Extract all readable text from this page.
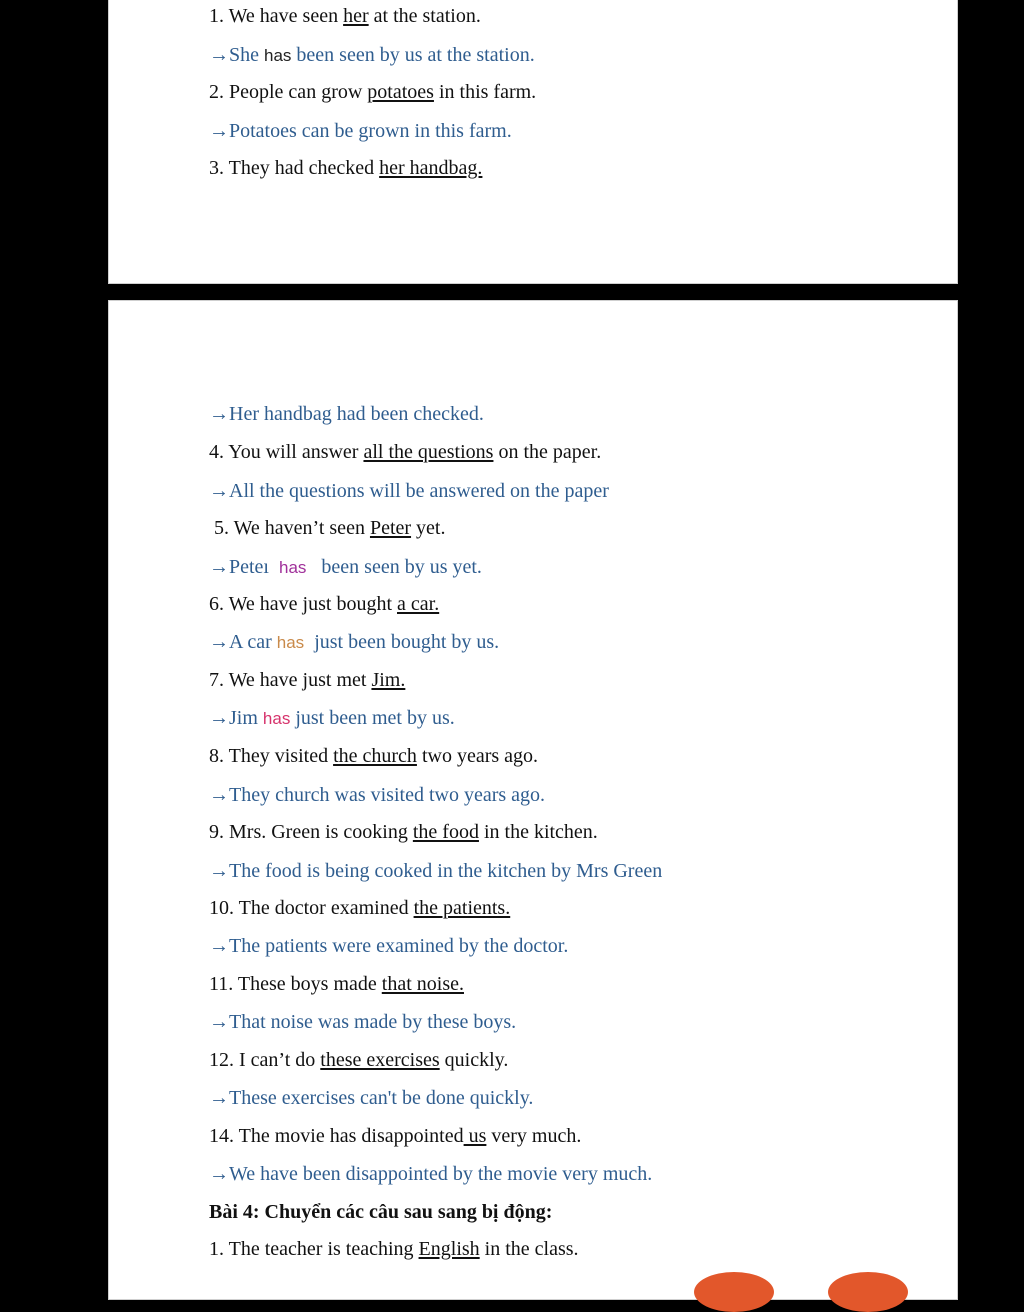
1. We have seen her at the station.
→She has been seen by us at the station.
2. People can grow potatoes in this farm.
→Potatoes can be grown in this farm.
3. They had checked her handbag.
→Her handbag had been checked.
4. You will answer all the questions on the paper.
→All the questions will be answered on the paper
5. We haven’t seen Peter yet.
→Peteı  has   been seen by us yet.
6. We have just bought a car.
→A car has  just been bought by us.
7. We have just met Jim.
→Jim has just been met by us.
8. They visited the church two years ago.
→They church was visited two years ago.
9. Mrs. Green is cooking the food in the kitchen.
→The food is being cooked in the kitchen by Mrs Green
10. The doctor examined the patients.
→The patients were examined by the doctor.
11. These boys made that noise.
→That noise was made by these boys.
12. I can’t do these exercises quickly.
→These exercises can't be done quickly.
14. The movie has disappointed us very much.
→We have been disappointed by the movie very much.
Bài 4: Chuyển các câu sau sang bị động:
1. The teacher is teaching English in the class.
